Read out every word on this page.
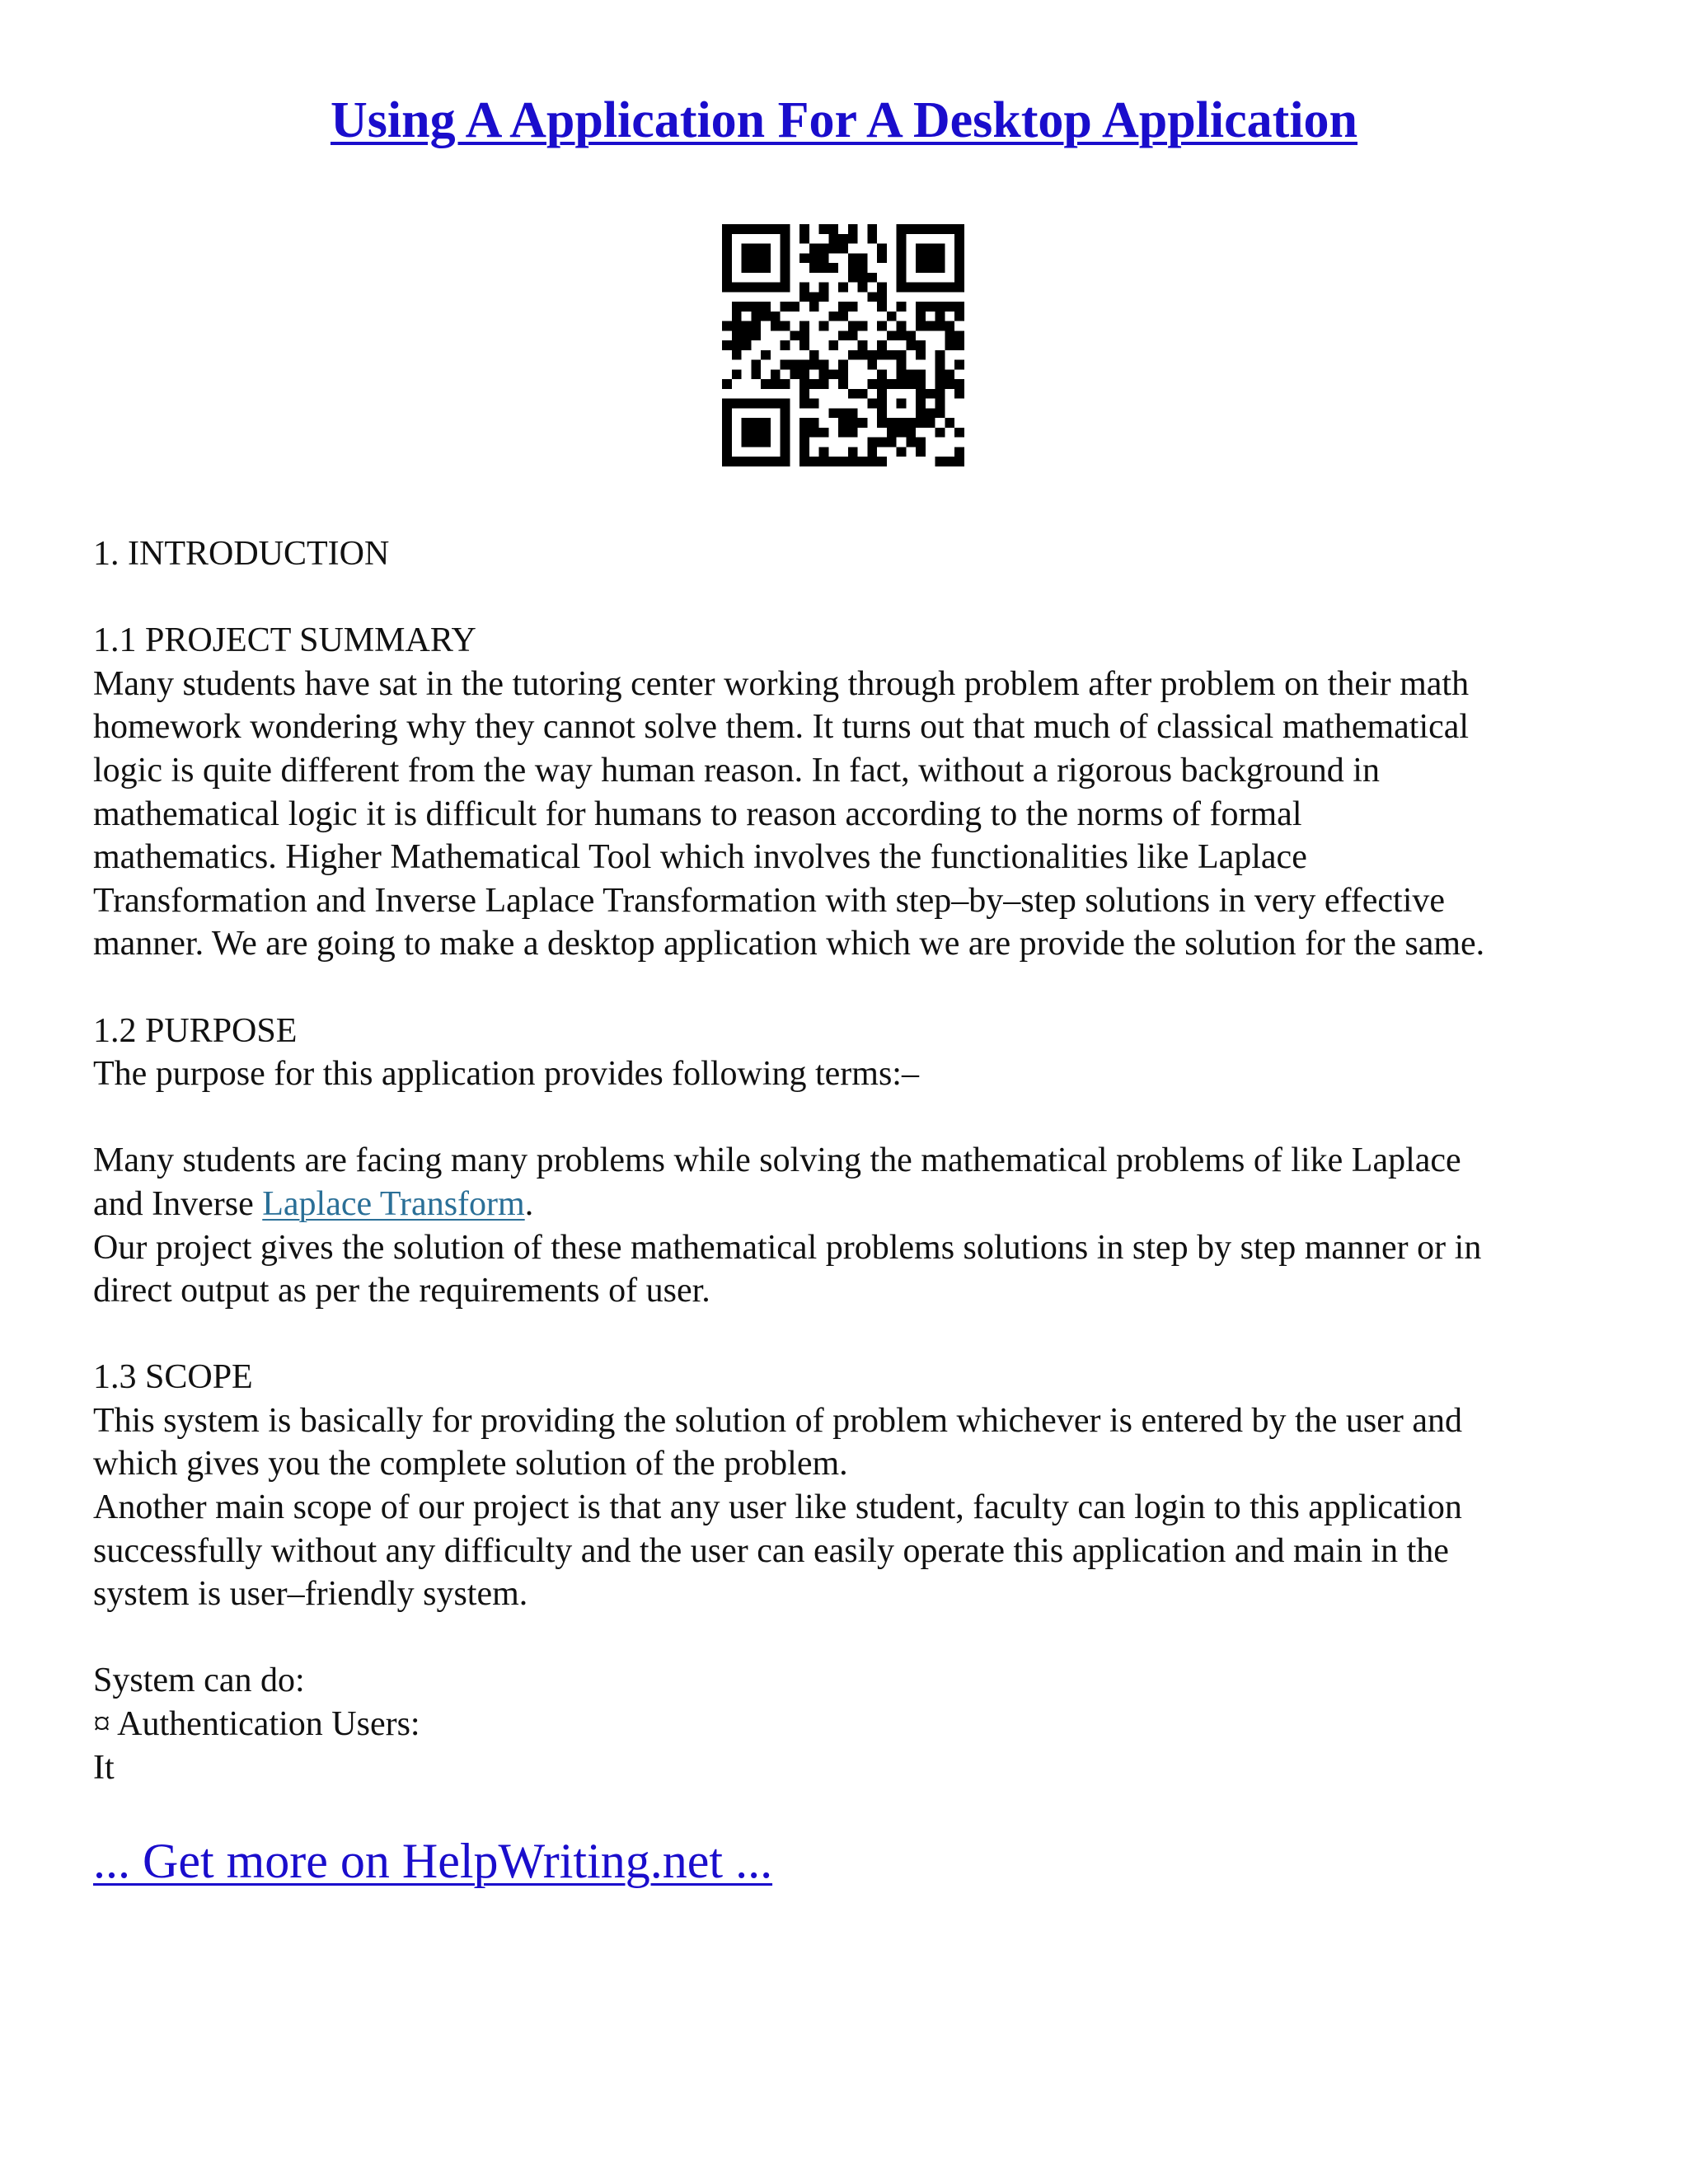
Using A Application For A Desktop Application

1. INTRODUCTION

1.1 PROJECT SUMMARY
Many students have sat in the tutoring center working through problem after problem on their math
homework wondering why they cannot solve them. It turns out that much of classical mathematical
logic is quite different from the way human reason. In fact, without a rigorous background in
mathematical logic it is difficult for humans to reason according to the norms of formal
mathematics. Higher Mathematical Tool which involves the functionalities like Laplace
Transformation and Inverse Laplace Transformation with step–by–step solutions in very effective
manner. We are going to make a desktop application which we are provide the solution for the same.

1.2 PURPOSE
The purpose for this application provides following terms:–

Many students are facing many problems while solving the mathematical problems of like Laplace
and Inverse Laplace Transform.
Our project gives the solution of these mathematical problems solutions in step by step manner or in
direct output as per the requirements of user.

1.3 SCOPE
This system is basically for providing the solution of problem whichever is entered by the user and
which gives you the complete solution of the problem.
Another main scope of our project is that any user like student, faculty can login to this application
successfully without any difficulty and the user can easily operate this application and main in the
system is user–friendly system.

System can do:
¤ Authentication Users:
It

... Get more on HelpWriting.net ...
